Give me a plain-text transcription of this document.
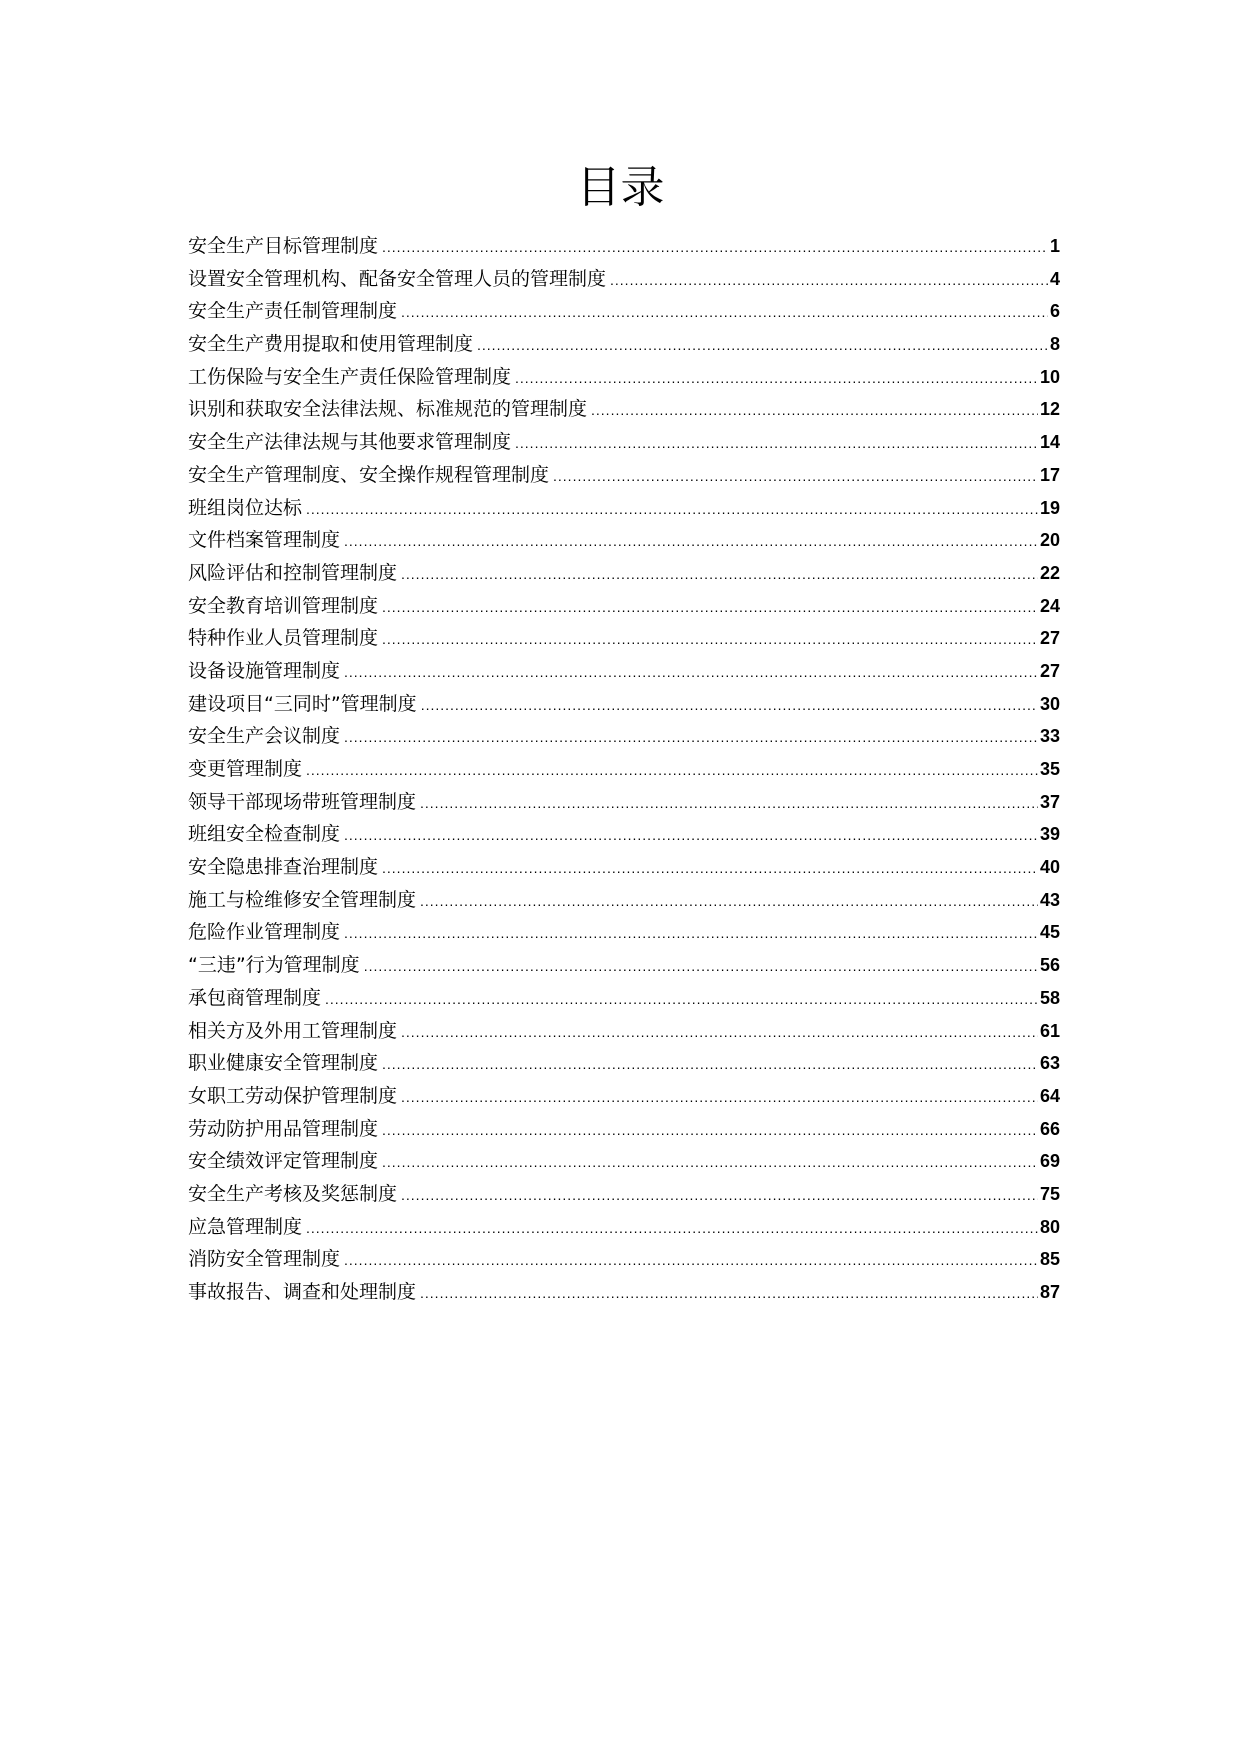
目录
安全生产目标管理制度 .....	1
设置安全管理机构、配备安全管理人员的管理制度 .....	4
安全生产责任制管理制度 .....	6
安全生产费用提取和使用管理制度 .....	8
工伤保险与安全生产责任保险管理制度 .....	10
识别和获取安全法律法规、标准规范的管理制度 .....	12
安全生产法律法规与其他要求管理制度 .....	14
安全生产管理制度、安全操作规程管理制度 .....	17
班组岗位达标 .....	19
文件档案管理制度 .....	20
风险评估和控制管理制度 .....	22
安全教育培训管理制度 .....	24
特种作业人员管理制度 .....	27
设备设施管理制度 .....	27
建设项目“三同时”管理制度 .....	30
安全生产会议制度 .....	33
变更管理制度 .....	35
领导干部现场带班管理制度 .....	37
班组安全检查制度 .....	39
安全隐患排查治理制度 .....	40
施工与检维修安全管理制度 .....	43
危险作业管理制度 .....	45
“三违”行为管理制度 .....	56
承包商管理制度 .....	58
相关方及外用工管理制度 .....	61
职业健康安全管理制度 .....	63
女职工劳动保护管理制度 .....	64
劳动防护用品管理制度 .....	66
安全绩效评定管理制度 .....	69
安全生产考核及奖惩制度 .....	75
应急管理制度 .....	80
消防安全管理制度 .....	85
事故报告、调查和处理制度 .....	87
